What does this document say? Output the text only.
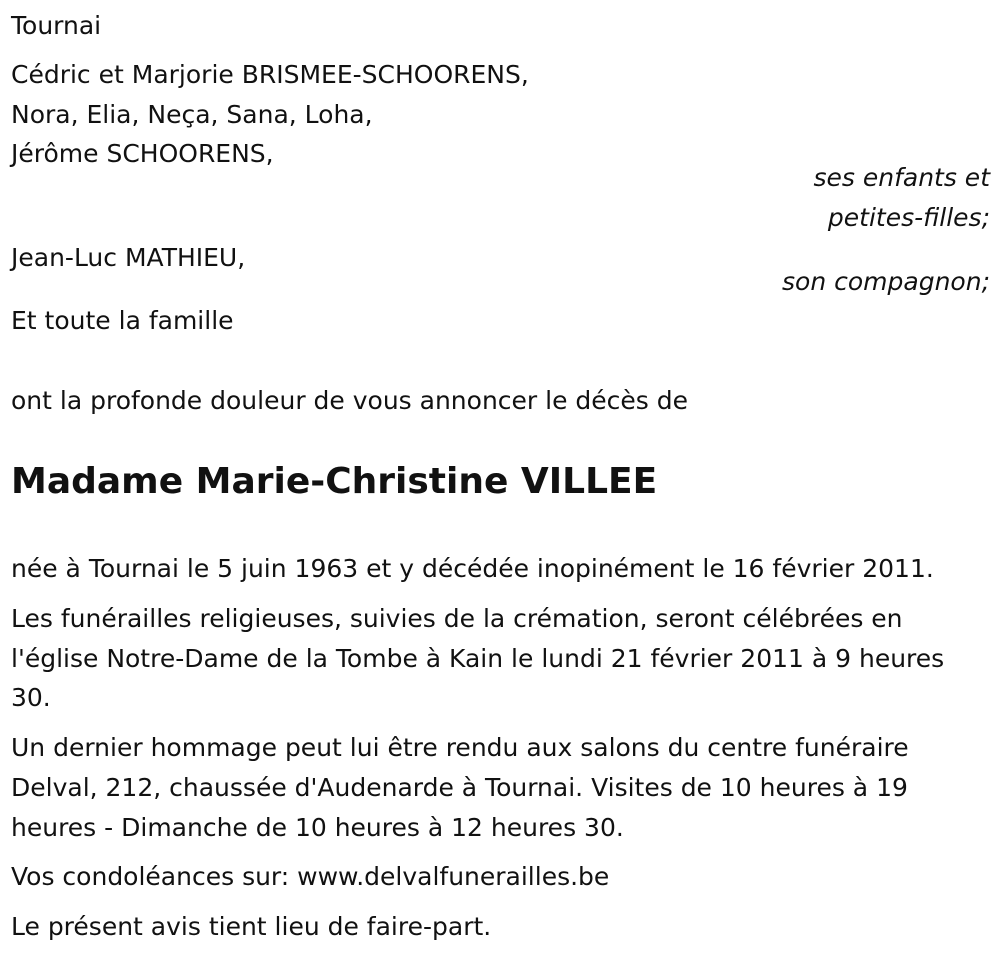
Tournai
Cédric et Marjorie BRISMEE-SCHOORENS,
Nora, Elia, Neça, Sana, Loha,
Jérôme SCHOORENS,
ses enfants et
petites-filles;
Jean-Luc MATHIEU,
son compagnon;
Et toute la famille
ont la profonde douleur de vous annoncer le décès de
Madame Marie-Christine VILLEE
née à Tournai le 5 juin 1963 et y décédée inopinément le 16 février 2011.
Les funérailles religieuses, suivies de la crémation, seront célébrées en
l'église Notre-Dame de la Tombe à Kain le lundi 21 février 2011 à 9 heures
30.
Un dernier hommage peut lui être rendu aux salons du centre funéraire
Delval, 212, chaussée d'Audenarde à Tournai. Visites de 10 heures à 19
heures - Dimanche de 10 heures à 12 heures 30.
Vos condoléances sur: www.delvalfunerailles.be
Le présent avis tient lieu de faire-part.
